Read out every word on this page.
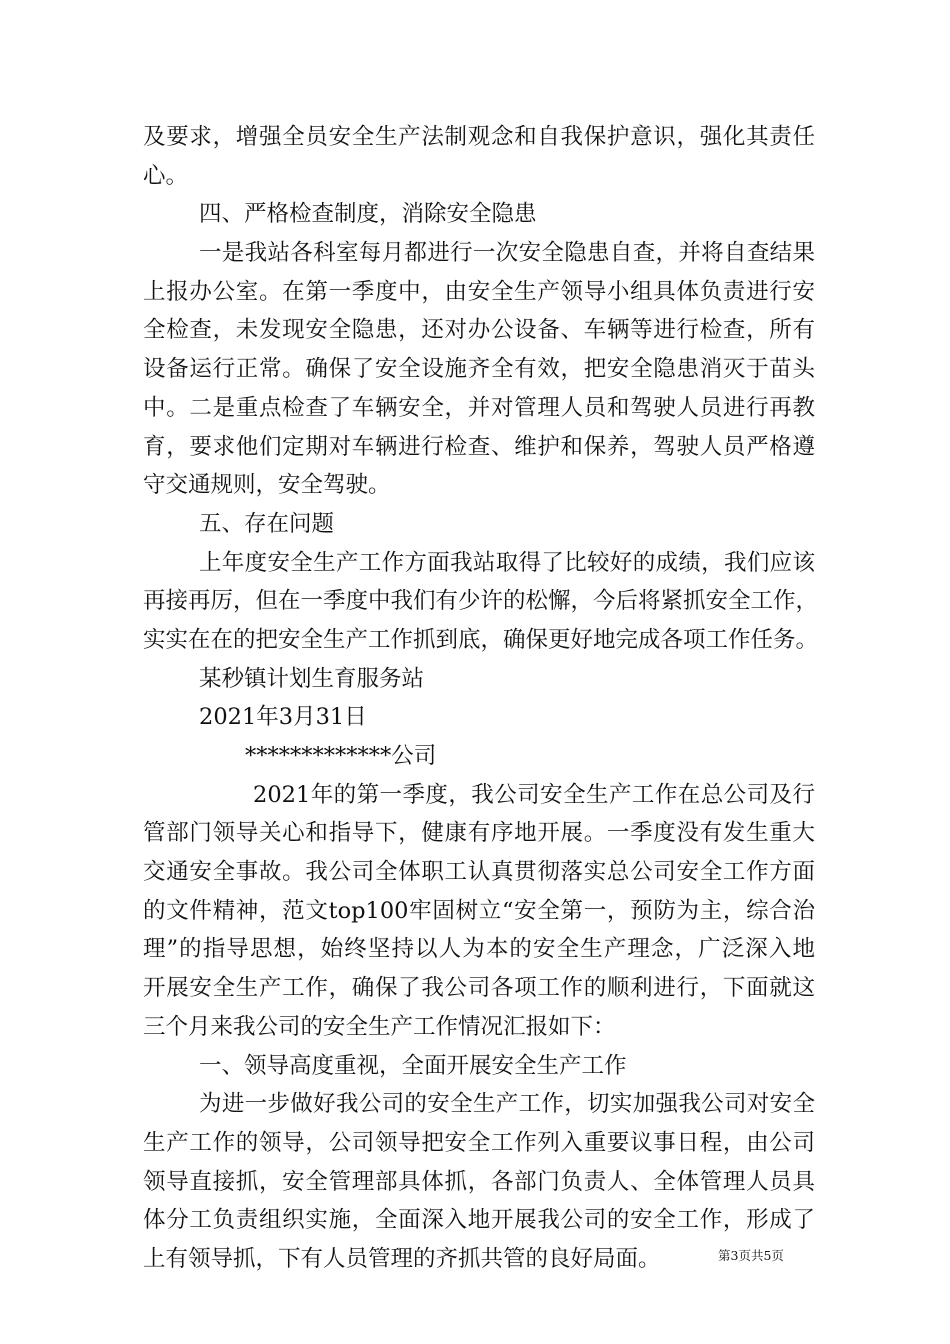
及要求，增强全员安全生产法制观念和自我保护意识，强化其责任
心。
四、严格检查制度，消除安全隐患
一是我站各科室每月都进行一次安全隐患自查，并将自查结果
上报办公室。在第一季度中，由安全生产领导小组具体负责进行安
全检查，未发现安全隐患，还对办公设备、车辆等进行检查，所有
设备运行正常。确保了安全设施齐全有效，把安全隐患消灭于苗头
中。二是重点检查了车辆安全，并对管理人员和驾驶人员进行再教
育，要求他们定期对车辆进行检查、维护和保养，驾驶人员严格遵
守交通规则，安全驾驶。
五、存在问题
上年度安全生产工作方面我站取得了比较好的成绩，我们应该
再接再厉，但在一季度中我们有少许的松懈，今后将紧抓安全工作，
实实在在的把安全生产工作抓到底，确保更好地完成各项工作任务。
某秒镇计划生育服务站
2021年3月31日
*************公司
2021年的第一季度，我公司安全生产工作在总公司及行
管部门领导关心和指导下，健康有序地开展。一季度没有发生重大
交通安全事故。我公司全体职工认真贯彻落实总公司安全工作方面
的文件精神，范文top100牢固树立“安全第一，预防为主，综合治
理”的指导思想，始终坚持以人为本的安全生产理念，广泛深入地
开展安全生产工作，确保了我公司各项工作的顺利进行，下面就这
三个月来我公司的安全生产工作情况汇报如下：
一、领导高度重视，全面开展安全生产工作
为进一步做好我公司的安全生产工作，切实加强我公司对安全
生产工作的领导，公司领导把安全工作列入重要议事日程，由公司
领导直接抓，安全管理部具体抓，各部门负责人、全体管理人员具
体分工负责组织实施，全面深入地开展我公司的安全工作，形成了
上有领导抓，下有人员管理的齐抓共管的良好局面。	第3页共5页
